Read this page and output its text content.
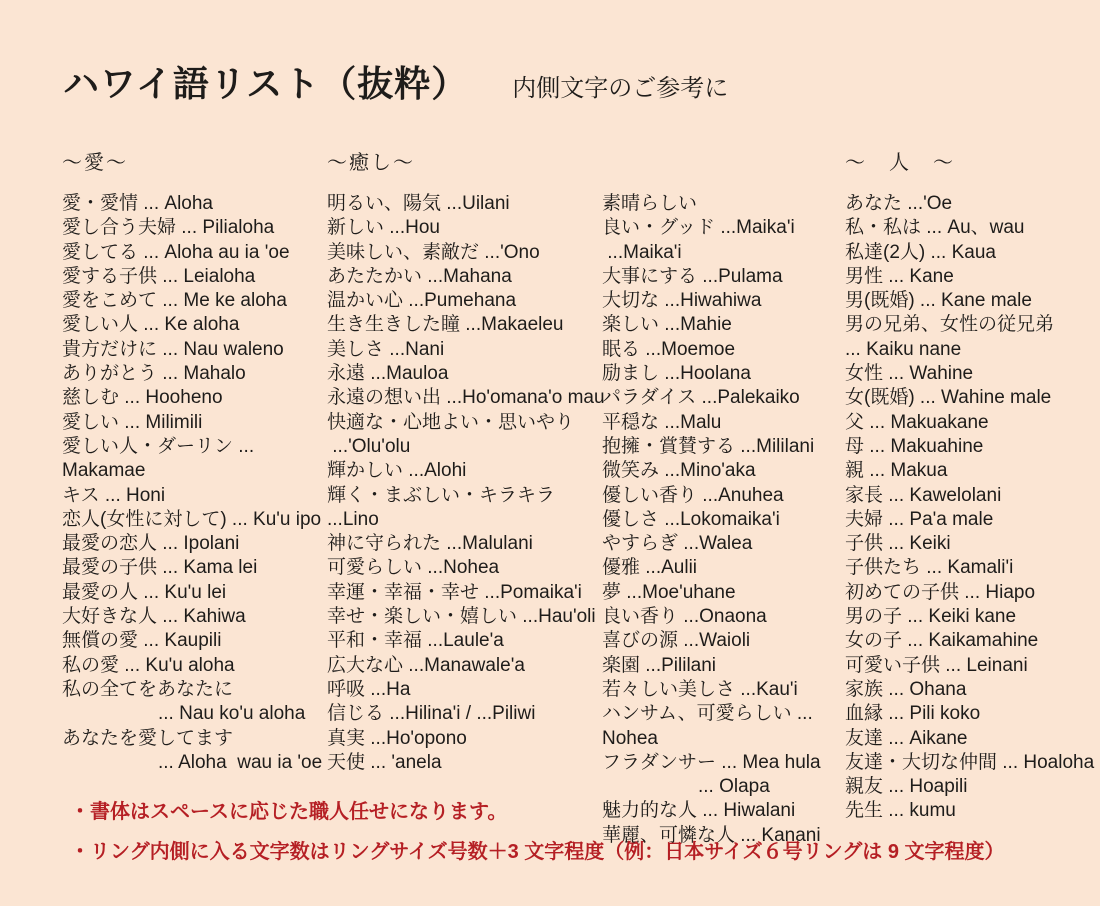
ハワイ語リスト（抜粋） 内側文字のご参考に
～愛～
愛・愛情 ... Aloha
愛し合う夫婦 ... Pilialoha
愛してる ... Aloha au ia 'oe
愛する子供 ... Leialoha
愛をこめて ... Me ke aloha
愛しい人 ... Ke aloha
貴方だけに ... Nau waleno
ありがとう ... Mahalo
慈しむ ... Hooheno
愛しい ... Milimili
愛しい人・ダーリン ... Makamae
キス ... Honi
恋人(女性に対して) ... Ku'u ipo
最愛の恋人 ... Ipolani
最愛の子供 ... Kama lei
最愛の人 ... Ku'u lei
大好きな人 ... Kahiwa
無償の愛 ... Kaupili
私の愛 ... Ku'u aloha
私の全てをあなたに
... Nau ko'u aloha
あなたを愛してます
... Aloha  wau ia 'oe
～癒し～
明るい、陽気 ...Uilani
新しい ...Hou
美味しい、素敵だ ...'Ono
あたたかい ...Mahana
温かい心 ...Pumehana
生き生きした瞳 ...Makaeleu
美しさ ...Nani
永遠 ...Mauloa
永遠の想い出 ...Ho'omana'o mau
快適な・心地よい・思いやり
...'Olu'olu
輝かしい ...Alohi
輝く・まぶしい・キラキラ ...Lino
神に守られた ...Malulani
可愛らしい ...Nohea
幸運・幸福・幸せ ...Pomaika'i
幸せ・楽しい・嬉しい ...Hau'oli
平和・幸福 ...Laule'a
広大な心 ...Manawale'a
呼吸 ...Ha
信じる ...Hilina'i / ...Piliwi
真実 ...Ho'opono
天使 ... 'anela
素晴らしい
良い・グッド ...Maika'i
...Maika'i
大事にする ...Pulama
大切な ...Hiwahiwa
楽しい ...Mahie
眠る ...Moemoe
励まし ...Hoolana
パラダイス ...Palekaiko
平穏な ...Malu
抱擁・賞賛する ...Mililani
微笑み ...Mino'aka
優しい香り ...Anuhea
優しさ ...Lokomaika'i
やすらぎ ...Walea
優雅 ...Aulii
夢 ...Moe'uhane
良い香り ...Onaona
喜びの源 ...Waioli
楽園 ...Pililani
若々しい美しさ ...Kau'i
ハンサム、可愛らしい ... Nohea
フラダンサー ... Mea hula
... Olapa
魅力的な人 ... Hiwalani
華麗、可憐な人 ... Kanani
～　人　～
あなた ...'Oe
私・私は ... Au、wau
私達(2人) ... Kaua
男性 ... Kane
男(既婚) ... Kane male
男の兄弟、女性の従兄弟
... Kaiku nane
女性 ... Wahine
女(既婚) ... Wahine male
父 ... Makuakane
母 ... Makuahine
親 ... Makua
家長 ... Kawelolani
夫婦 ... Pa'a male
子供 ... Keiki
子供たち ... Kamali'i
初めての子供 ... Hiapo
男の子 ... Keiki kane
女の子 ... Kaikamahine
可愛い子供 ... Leinani
家族 ... Ohana
血縁 ... Pili koko
友達 ... Aikane
友達・大切な仲間 ... Hoaloha
親友 ... Hoapili
先生 ... kumu

・書体はスペースに応じた職人任せになります。

・リング内側に入る文字数はリングサイズ号数＋3 文字程度（例：日本サイズ６号リングは 9 文字程度）
